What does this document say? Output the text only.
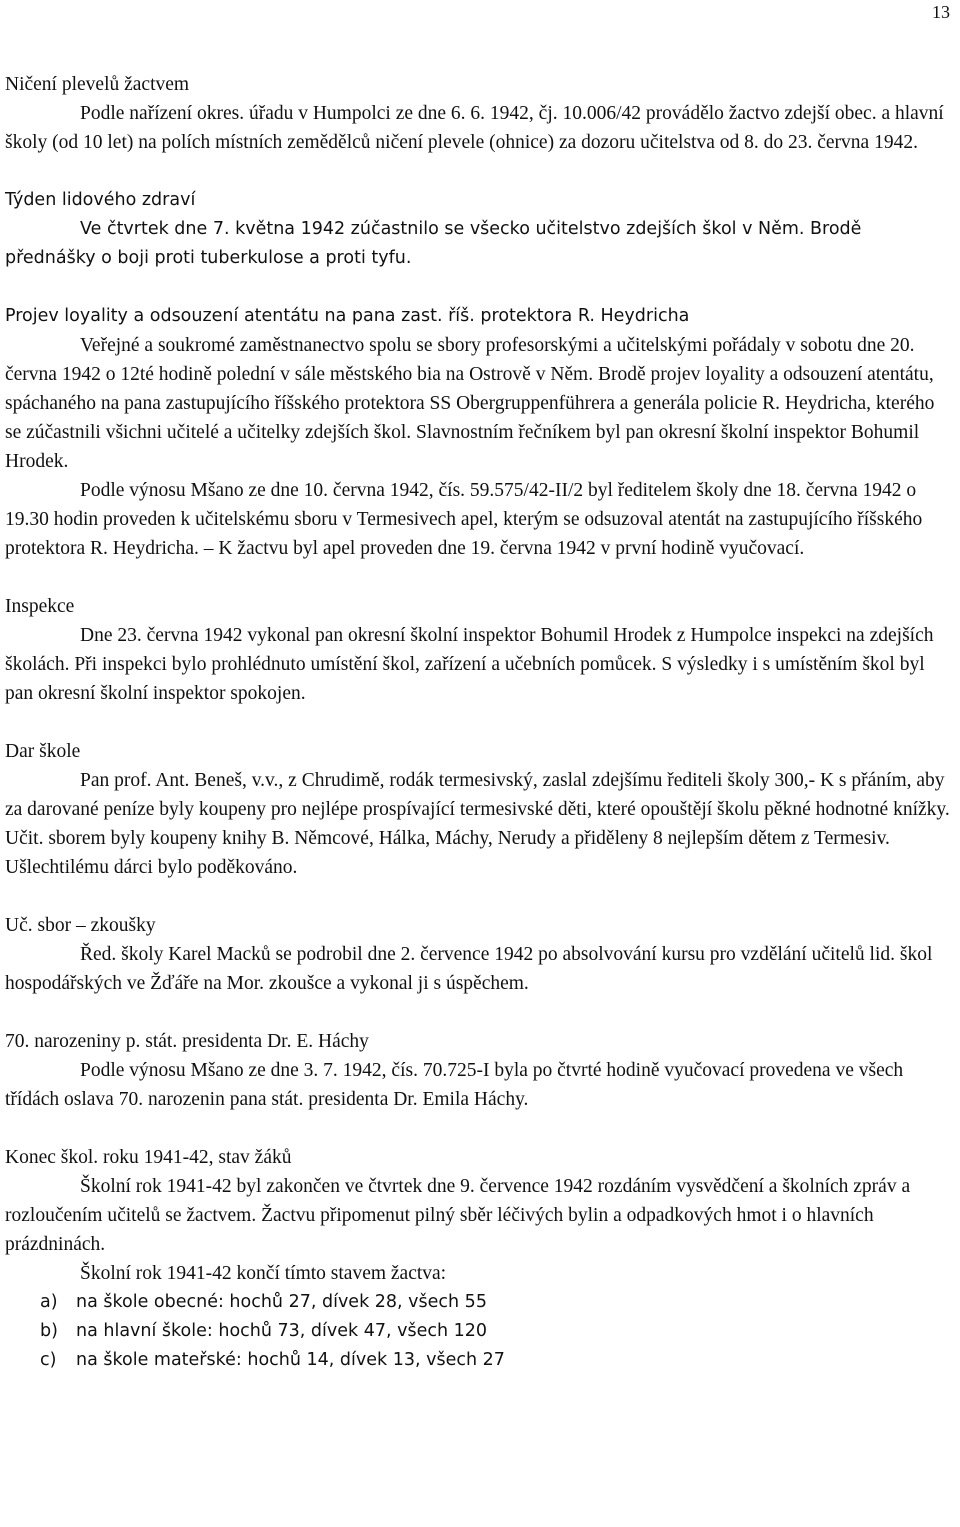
13
Ničení plevelů žactvem

Podle nařízení okres. úřadu v Humpolci ze dne 6. 6. 1942, čj. 10.006/42 provádělo žactvo zdejší obec. a hlavní školy (od 10 let) na polích místních zemědělců ničení plevele (ohnice) za dozoru učitelstva od 8. do 23. června 1942.

Týden lidového zdraví

Ve čtvrtek dne 7. května 1942 zúčastnilo se všecko učitelstvo zdejších škol v Něm. Brodě přednášky o boji proti tuberkulose a proti tyfu.

Projev loyality a odsouzení atentátu na pana zast. říš. protektora R. Heydricha

Veřejné a soukromé zaměstnanectvo spolu se sbory profesorskými a učitelskými pořádaly v sobotu dne 20. června 1942 o 12té hodině polední v sále městského bia na Ostrově v Něm. Brodě projev loyality a odsouzení atentátu, spáchaného na pana zastupujícího říšského protektora SS Obergruppenführera a generála policie R. Heydricha, kterého se zúčastnili všichni učitelé a učitelky zdejších škol. Slavnostním řečníkem byl pan okresní školní inspektor Bohumil Hrodek.

Podle výnosu Mšano ze dne 10. června 1942, čís. 59.575/42-II/2 byl ředitelem školy dne 18. června 1942 o 19.30 hodin proveden k učitelskému sboru v Termesivech apel, kterým se odsuzoval atentát na zastupujícího říšského protektora R. Heydricha. – K žactvu byl apel proveden dne 19. června 1942 v první hodině vyučovací.

Inspekce

Dne 23. června 1942 vykonal pan okresní školní inspektor Bohumil Hrodek z Humpolce inspekci na zdejších školách. Při inspekci bylo prohlédnuto umístění škol, zařízení a učebních pomůcek. S výsledky i s umístěním škol byl pan okresní školní inspektor spokojen.

Dar škole

Pan prof. Ant. Beneš, v.v., z Chrudimě, rodák termesivský, zaslal zdejšímu řediteli školy 300,- K s přáním, aby za darované peníze byly koupeny pro nejlépe prospívající termesivské děti, které opouštějí školu pěkné hodnotné knížky. Učit. sborem byly koupeny knihy B. Němcové, Hálka, Máchy, Nerudy a přiděleny 8 nejlepším dětem z Termesiv. Ušlechtilému dárci bylo poděkováno.

Uč. sbor – zkoušky

Řed. školy Karel Macků se podrobil dne 2. července 1942 po absolvování kursu pro vzdělání učitelů lid. škol hospodářských ve Žďáře na Mor. zkoušce a vykonal ji s úspěchem.

70. narozeniny p. stát. presidenta Dr. E. Háchy

Podle výnosu Mšano ze dne 3. 7. 1942, čís. 70.725-I byla po čtvrté hodině vyučovací provedena ve všech třídách oslava 70. narozenin pana stát. presidenta Dr. Emila Háchy.

Konec škol. roku 1941-42, stav žáků

Školní rok 1941-42 byl zakončen ve čtvrtek dne 9. července 1942 rozdáním vysvědčení a školních zpráv a rozloučením učitelů se žactvem. Žactvu připomenut pilný sběr léčivých bylin a odpadkových hmot i o hlavních prázdninách.

Školní rok 1941-42 končí tímto stavem žactva:

a)	na škole obecné: hochů 27, dívek 28, všech 55
b)	na hlavní škole: hochů 73, dívek 47, všech 120
c)	na škole mateřské: hochů 14, dívek 13, všech 27
